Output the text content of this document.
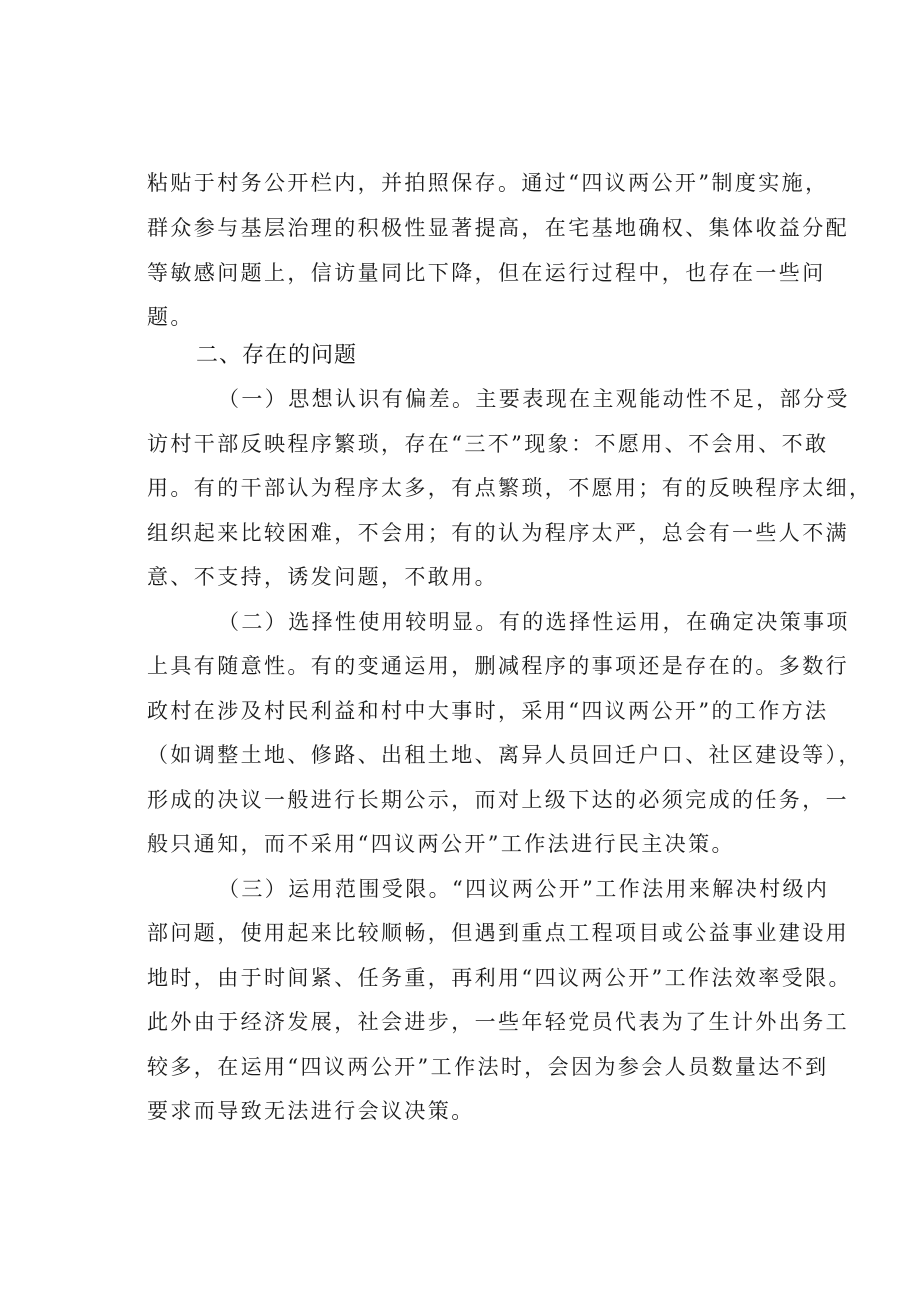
粘贴于村务公开栏内，并拍照保存。通过“四议两公开”制度实施，
群众参与基层治理的积极性显著提高，在宅基地确权、集体收益分配
等敏感问题上，信访量同比下降，但在运行过程中，也存在一些问
题。
二、存在的问题
（一）思想认识有偏差。主要表现在主观能动性不足，部分受
访村干部反映程序繁琐，存在“三不”现象：不愿用、不会用、不敢
用。有的干部认为程序太多，有点繁琐，不愿用；有的反映程序太细，
组织起来比较困难，不会用；有的认为程序太严，总会有一些人不满
意、不支持，诱发问题，不敢用。
（二）选择性使用较明显。有的选择性运用，在确定决策事项
上具有随意性。有的变通运用，删减程序的事项还是存在的。多数行
政村在涉及村民利益和村中大事时，采用“四议两公开”的工作方法
（如调整土地、修路、出租土地、离异人员回迁户口、社区建设等），
形成的决议一般进行长期公示，而对上级下达的必须完成的任务，一
般只通知，而不采用“四议两公开”工作法进行民主决策。
（三）运用范围受限。“四议两公开”工作法用来解决村级内
部问题，使用起来比较顺畅，但遇到重点工程项目或公益事业建设用
地时，由于时间紧、任务重，再利用“四议两公开”工作法效率受限。
此外由于经济发展，社会进步，一些年轻党员代表为了生计外出务工
较多，在运用“四议两公开”工作法时，会因为参会人员数量达不到
要求而导致无法进行会议决策。
